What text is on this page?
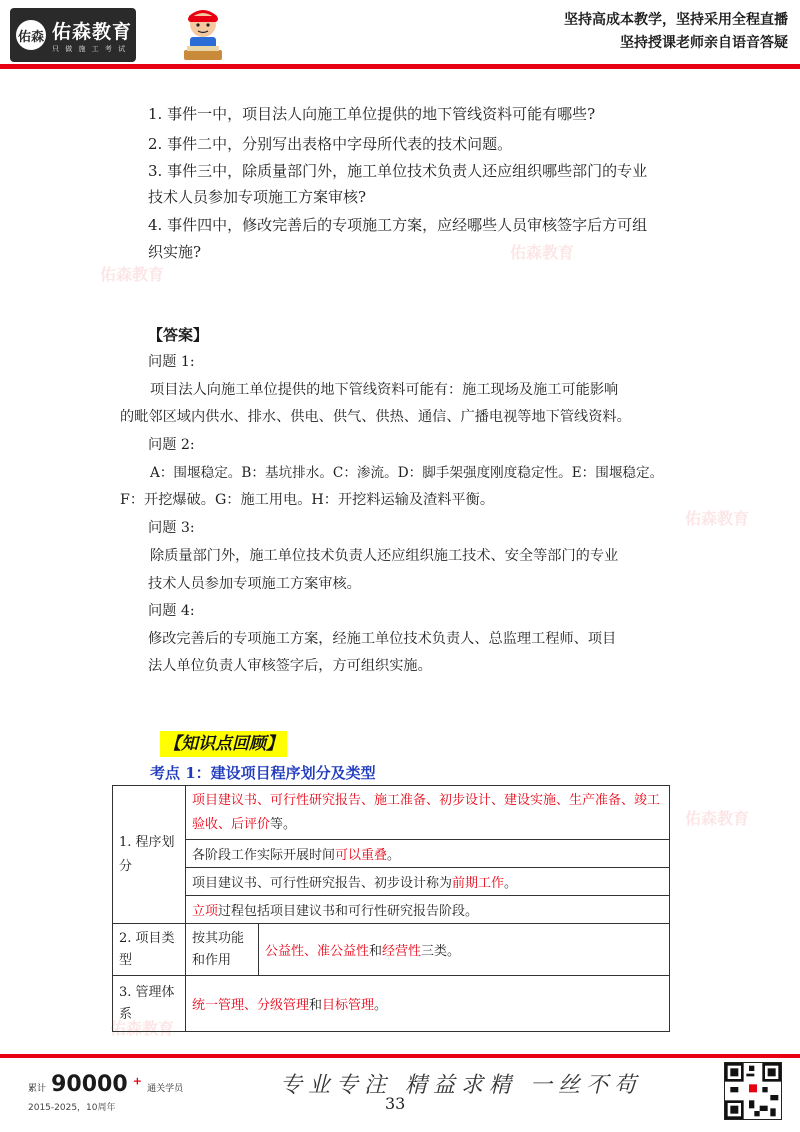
佑森 佑森教育
只 做 施 工 考 试
坚持高成本教学，坚持采用全程直播
坚持授课老师亲自语音答疑
佑森教育
佑森教育
佑森教育
佑森教育
佑森教育
1. 事件一中，项目法人向施工单位提供的地下管线资料可能有哪些?
2. 事件二中，分别写出表格中字母所代表的技术问题。
3. 事件三中，除质量部门外，施工单位技术负责人还应组织哪些部门的专业
技术人员参加专项施工方案审核?
4. 事件四中，修改完善后的专项施工方案，应经哪些人员审核签字后方可组
织实施?
【答案】
问题 1:
项目法人向施工单位提供的地下管线资料可能有：施工现场及施工可能影响
的毗邻区域内供水、排水、供电、供气、供热、通信、广播电视等地下管线资料。
问题 2:
A：围堰稳定。B：基坑排水。C：渗流。D：脚手架强度刚度稳定性。E：围堰稳定。
F：开挖爆破。G：施工用电。H：开挖料运输及渣料平衡。
问题 3:
除质量部门外，施工单位技术负责人还应组织施工技术、安全等部门的专业
技术人员参加专项施工方案审核。
问题 4:
修改完善后的专项施工方案，经施工单位技术负责人、总监理工程师、项目
法人单位负责人审核签字后，方可组织实施。
【知识点回顾】
考点 1：建设项目程序划分及类型
1. 程序划分	项目建议书、可行性研究报告、施工准备、初步设计、建设实施、生产准备、竣工验收、后评价等。	
	各阶段工作实际开展时间可以重叠。	
	项目建议书、可行性研究报告、初步设计称为前期工作。	
	立项过程包括项目建议书和可行性研究报告阶段。	
2. 项目类型	按其功能和作用	公益性、准公益性和经营性三类。
3. 管理体系	统一管理、分级管理和目标管理。	
累计 90000 + 通关学员
2015-2025，10周年
专业专注 精益求精 一丝不苟
33
